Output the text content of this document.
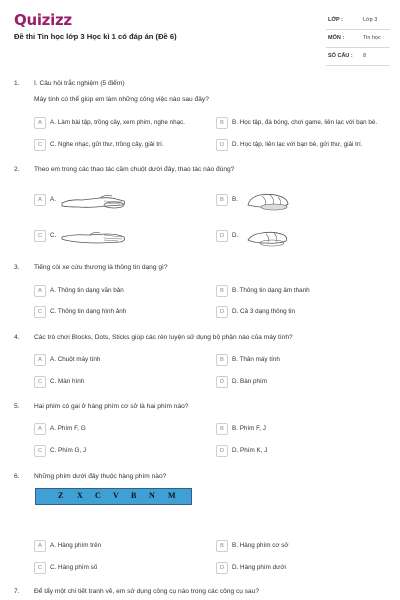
Quizizz
Đề thi Tin học lớp 3 Học kì 1 có đáp án (Đề 6)
LỚP :	Lớp 3
MÔN :	Tin học
SỐ CÂU : 8
1. I. Câu hỏi trắc nghiệm (5 điểm)
Máy tính có thể giúp em làm những công việc nào sau đây?
A	A. Làm bài tập, trồng cây, xem phim, nghe nhạc.	B	B. Học tập, đá bóng, chơi game, liên lạc với bạn bè.
C	C. Nghe nhạc, gửi thư, trồng cây, giải trí.	D	D. Học tập, liên lạc với bạn bè, gửi thư, giải trí.
2. Theo em trong các thao tác cầm chuột dưới đây, thao tác nào đúng?
A	A.	B	B.
C	C.	D	D.
3. Tiếng còi xe cứu thương là thông tin dạng gì?
A	A. Thông tin dạng văn bản	B	B. Thông tin dạng âm thanh
C	C. Thông tin dạng hình ảnh	D	D. Cả 3 dạng thông tin
4. Các trò chơi Blocks, Dots, Sticks giúp các rèn luyện sử dụng bộ phận nào của máy tính?
A	A. Chuột máy tính	B	B. Thân máy tính
C	C. Màn hình	D	D. Bàn phím
5. Hai phím có gai ở hàng phím cơ sở là hai phím nào?
A	A. Phím F, G	B	B. Phím F, J
C	C. Phím G, J	D	D. Phím K, J
6. Những phím dưới đây thuộc hàng phím nào?
Z X C V B N M
A	A. Hàng phím trên	B	B. Hàng phím cơ sở
C	C. Hàng phím số	D	D. Hàng phím dưới
7. Để tẩy một chi tiết tranh vẽ, em sử dụng công cụ nào trong các công cụ sau?
